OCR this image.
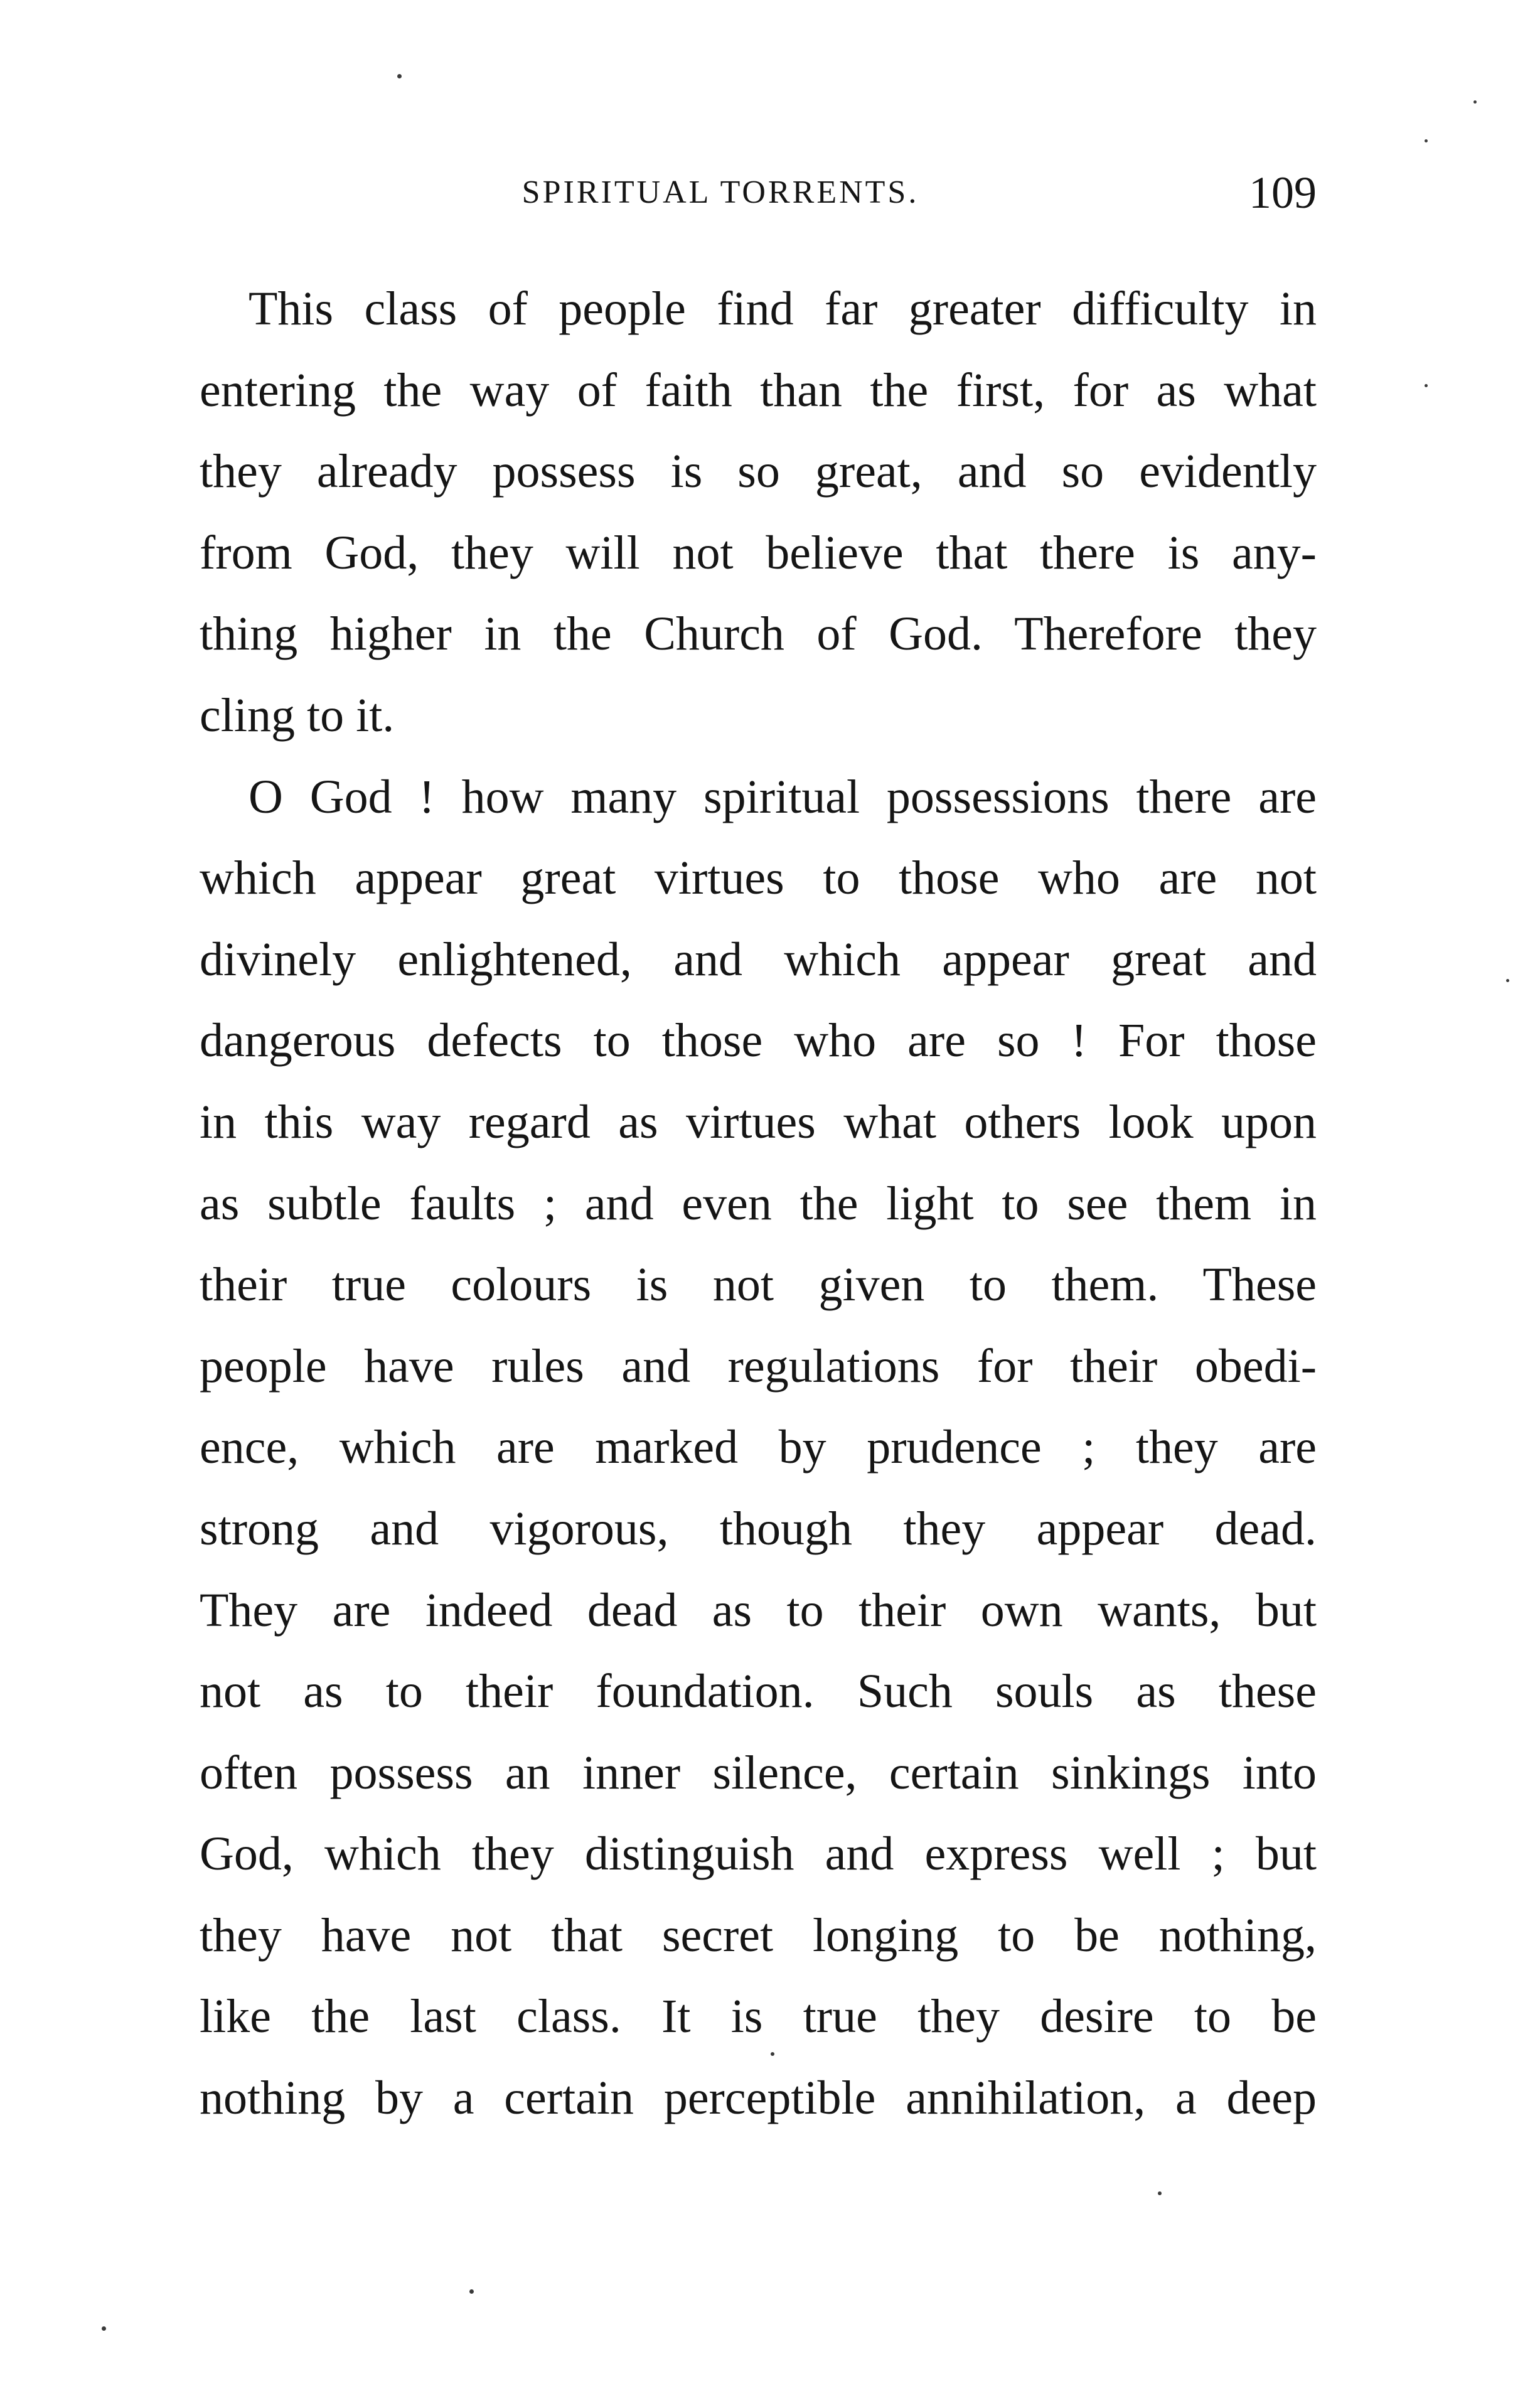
SPIRITUAL TORRENTS.	109
This class of people find far greater difficulty in
entering the way of faith than the first, for as what
they already possess is so great, and so evidently
from God, they will not believe that there is any-
thing higher in the Church of God. Therefore they
cling to it.
O God ! how many spiritual possessions there are
which appear great virtues to those who are not
divinely enlightened, and which appear great and
dangerous defects to those who are so ! For those
in this way regard as virtues what others look upon
as subtle faults ; and even the light to see them in
their true colours is not given to them. These
people have rules and regulations for their obedi-
ence, which are marked by prudence ; they are
strong and vigorous, though they appear dead.
They are indeed dead as to their own wants, but
not as to their foundation. Such souls as these
often possess an inner silence, certain sinkings into
God, which they distinguish and express well ; but
they have not that secret longing to be nothing,
like the last class. It is true they desire to be
nothing by a certain perceptible annihilation, a deep
